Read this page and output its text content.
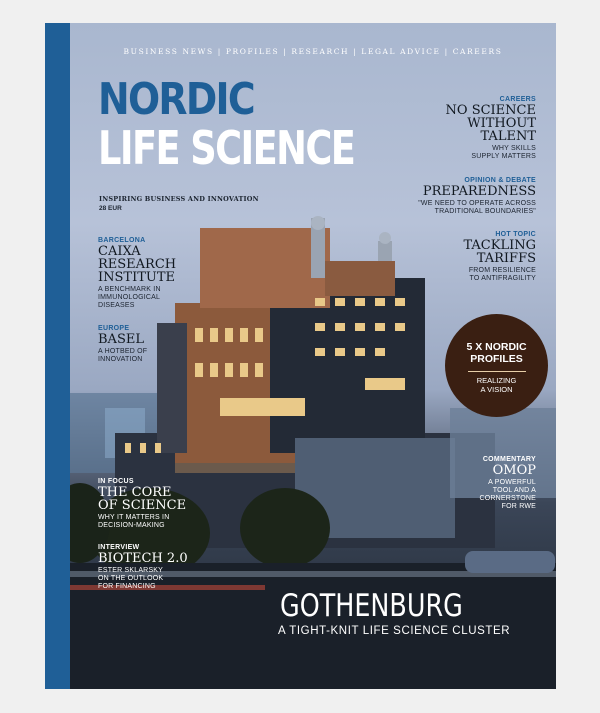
BUSINESS NEWS | PROFILES | RESEARCH | LEGAL ADVICE | CAREERS
NORDIC
LIFE SCIENCE
INSPIRING BUSINESS AND INNOVATION
28 EUR
CAREERS
NO SCIENCE
WITHOUT
TALENT
WHY SKILLS
SUPPLY MATTERS
OPINION & DEBATE
PREPAREDNESS
"WE NEED TO OPERATE ACROSS
TRADITIONAL BOUNDARIES"
HOT TOPIC
TACKLING
TARIFFS
FROM RESILIENCE
TO ANTIFRAGILITY
BARCELONA
CAIXA
RESEARCH
INSTITUTE
A BENCHMARK IN
IMMUNOLOGICAL
DISEASES
EUROPE
BASEL
A HOTBED OF
INNOVATION
IN FOCUS
THE CORE
OF SCIENCE
WHY IT MATTERS IN
DECISION-MAKING
INTERVIEW
BIOTECH 2.0
ESTER SKLARSKY
ON THE OUTLOOK
FOR FINANCING
5 X NORDIC
PROFILES
REALIZING
A VISION
COMMENTARY
OMOP
A POWERFUL
TOOL AND A
CORNERSTONE
FOR RWE
GOTHENBURG
A TIGHT-KNIT LIFE SCIENCE CLUSTER
